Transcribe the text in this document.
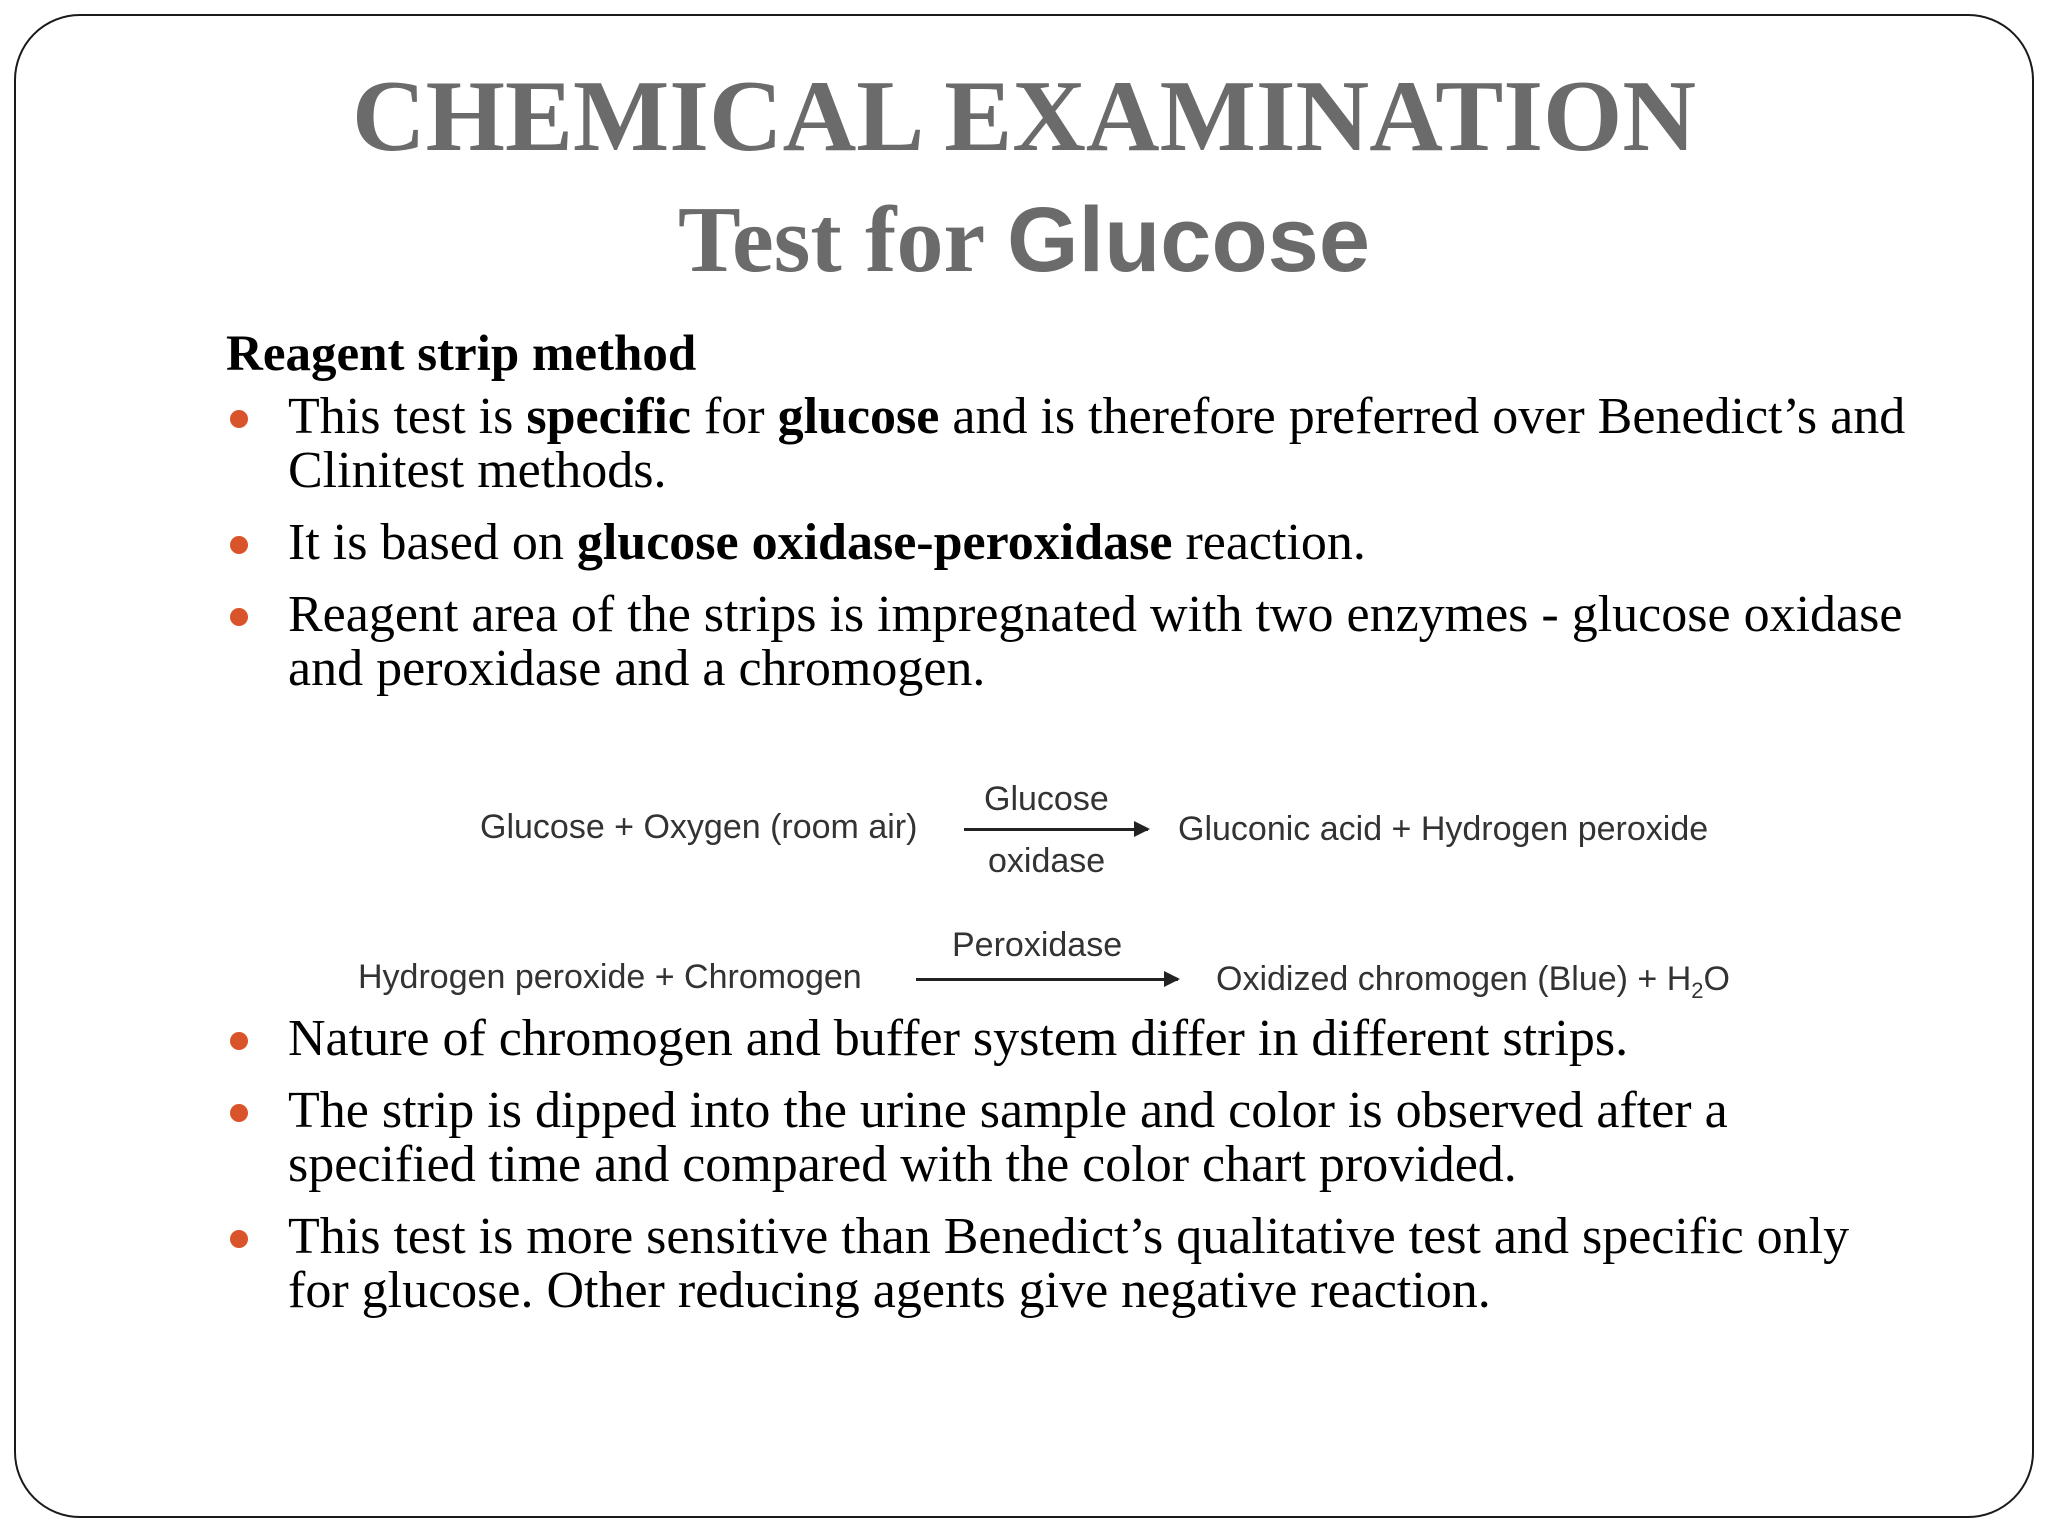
CHEMICAL EXAMINATION
Test for Glucose
Reagent strip method
This test is specific for glucose and is therefore preferred over Benedict’s and Clinitest methods.
It is based on glucose oxidase-peroxidase reaction.
Reagent area of the strips is impregnated with two enzymes - glucose oxidase and peroxidase and a chromogen.
Glucose + Oxygen (room air)
Glucose
oxidase
Gluconic acid + Hydrogen peroxide
Hydrogen peroxide + Chromogen
Peroxidase
Oxidized chromogen (Blue) + $H_2O$
Nature of chromogen and buffer system differ in different strips.
The strip is dipped into the urine sample and color is observed after a specified time and compared with the color chart provided.
This test is more sensitive than Benedict’s qualitative test and specific only for glucose. Other reducing agents give negative reaction.
